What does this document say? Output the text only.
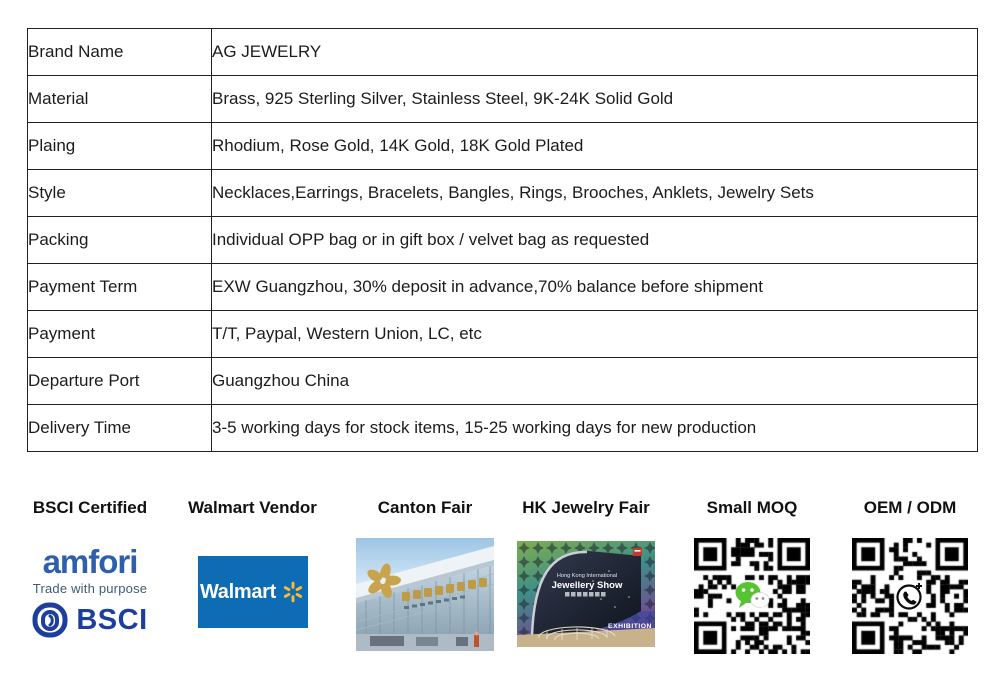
Brand Name	AG JEWELRY
Material	Brass, 925 Sterling Silver, Stainless Steel, 9K-24K Solid Gold
Plaing	Rhodium, Rose Gold, 14K Gold, 18K Gold Plated
Style	Necklaces,Earrings, Bracelets, Bangles, Rings, Brooches, Anklets, Jewelry Sets
Packing	Individual OPP bag or in gift box / velvet bag as requested
Payment Term	EXW Guangzhou, 30% deposit in advance,70% balance before shipment
Payment	T/T, Paypal, Western Union, LC, etc
Departure Port	Guangzhou China
Delivery Time	3-5 working days for stock items, 15-25 working days for new production
BSCI Certified
amfori
Trade with purpose
BSCI
Walmart Vendor
Walmart
Canton Fair	HK Jewelry Fair
Hong Kong International
Jewellery Show
EXHIBITION
Small MOQ	OEM / ODM
